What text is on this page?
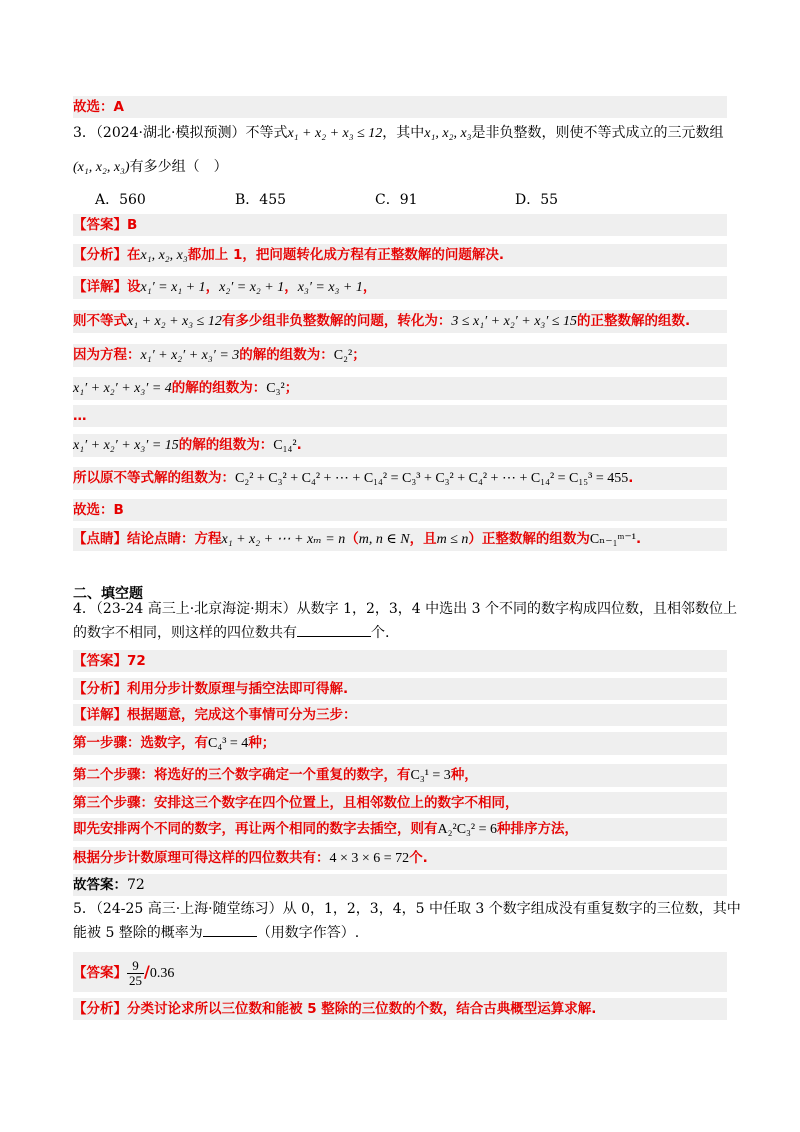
故选：A
3．（2024·湖北·模拟预测）不等式x₁ + x₂ + x₃ ≤ 12，其中x₁, x₂, x₃是非负整数，则使不等式成立的三元数组
(x₁, x₂, x₃)有多少组（　）
A．560	B．455	C．91	D．55
【答案】B
【分析】在x₁, x₂, x₃都加上 1，把问题转化成方程有正整数解的问题解决.
【详解】设x₁′ = x₁ + 1，x₂′ = x₂ + 1，x₃′ = x₃ + 1，
则不等式x₁ + x₂ + x₃ ≤ 12有多少组非负整数解的问题，转化为：3 ≤ x₁′ + x₂′ + x₃′ ≤ 15的正整数解的组数.
因为方程：x₁′ + x₂′ + x₃′ = 3的解的组数为：C₂²；
x₁′ + x₂′ + x₃′ = 4的解的组数为：C₃²；
…
x₁′ + x₂′ + x₃′ = 15的解的组数为：C₁₄².
所以原不等式解的组数为：C₂² + C₃² + C₄² + ⋯ + C₁₄² = C₃³ + C₃² + C₄² + ⋯ + C₁₄² = C₁₅³ = 455.
故选：B
【点睛】结论点睛：方程x₁ + x₂ + ⋯ + xₘ = n（m, n ∈ N，且m ≤ n）正整数解的组数为Cₙ₋₁ᵐ⁻¹.
二、填空题
4．（23-24 高三上·北京海淀·期末）从数字 1，2，3，4 中选出 3 个不同的数字构成四位数，且相邻数位上
的数字不相同，则这样的四位数共有	个.
【答案】72
【分析】利用分步计数原理与插空法即可得解.
【详解】根据题意，完成这个事情可分为三步：
第一步骤：选数字，有C₄³ = 4种；
第二个步骤：将选好的三个数字确定一个重复的数字，有C₃¹ = 3种，
第三个步骤：安排这三个数字在四个位置上，且相邻数位上的数字不相同，
即先安排两个不同的数字，再让两个相同的数字去插空，则有A₂²C₃² = 6种排序方法，
根据分步计数原理可得这样的四位数共有：4 × 3 × 6 = 72个.
故答案：72
5．（24-25 高三·上海·随堂练习）从 0，1，2，3，4，5 中任取 3 个数字组成没有重复数字的三位数，其中
能被 5 整除的概率为	（用数字作答）.
【答案】 $\frac{9}{25} /0.36$
【分析】分类讨论求所以三位数和能被 5 整除的三位数的个数，结合古典概型运算求解.
